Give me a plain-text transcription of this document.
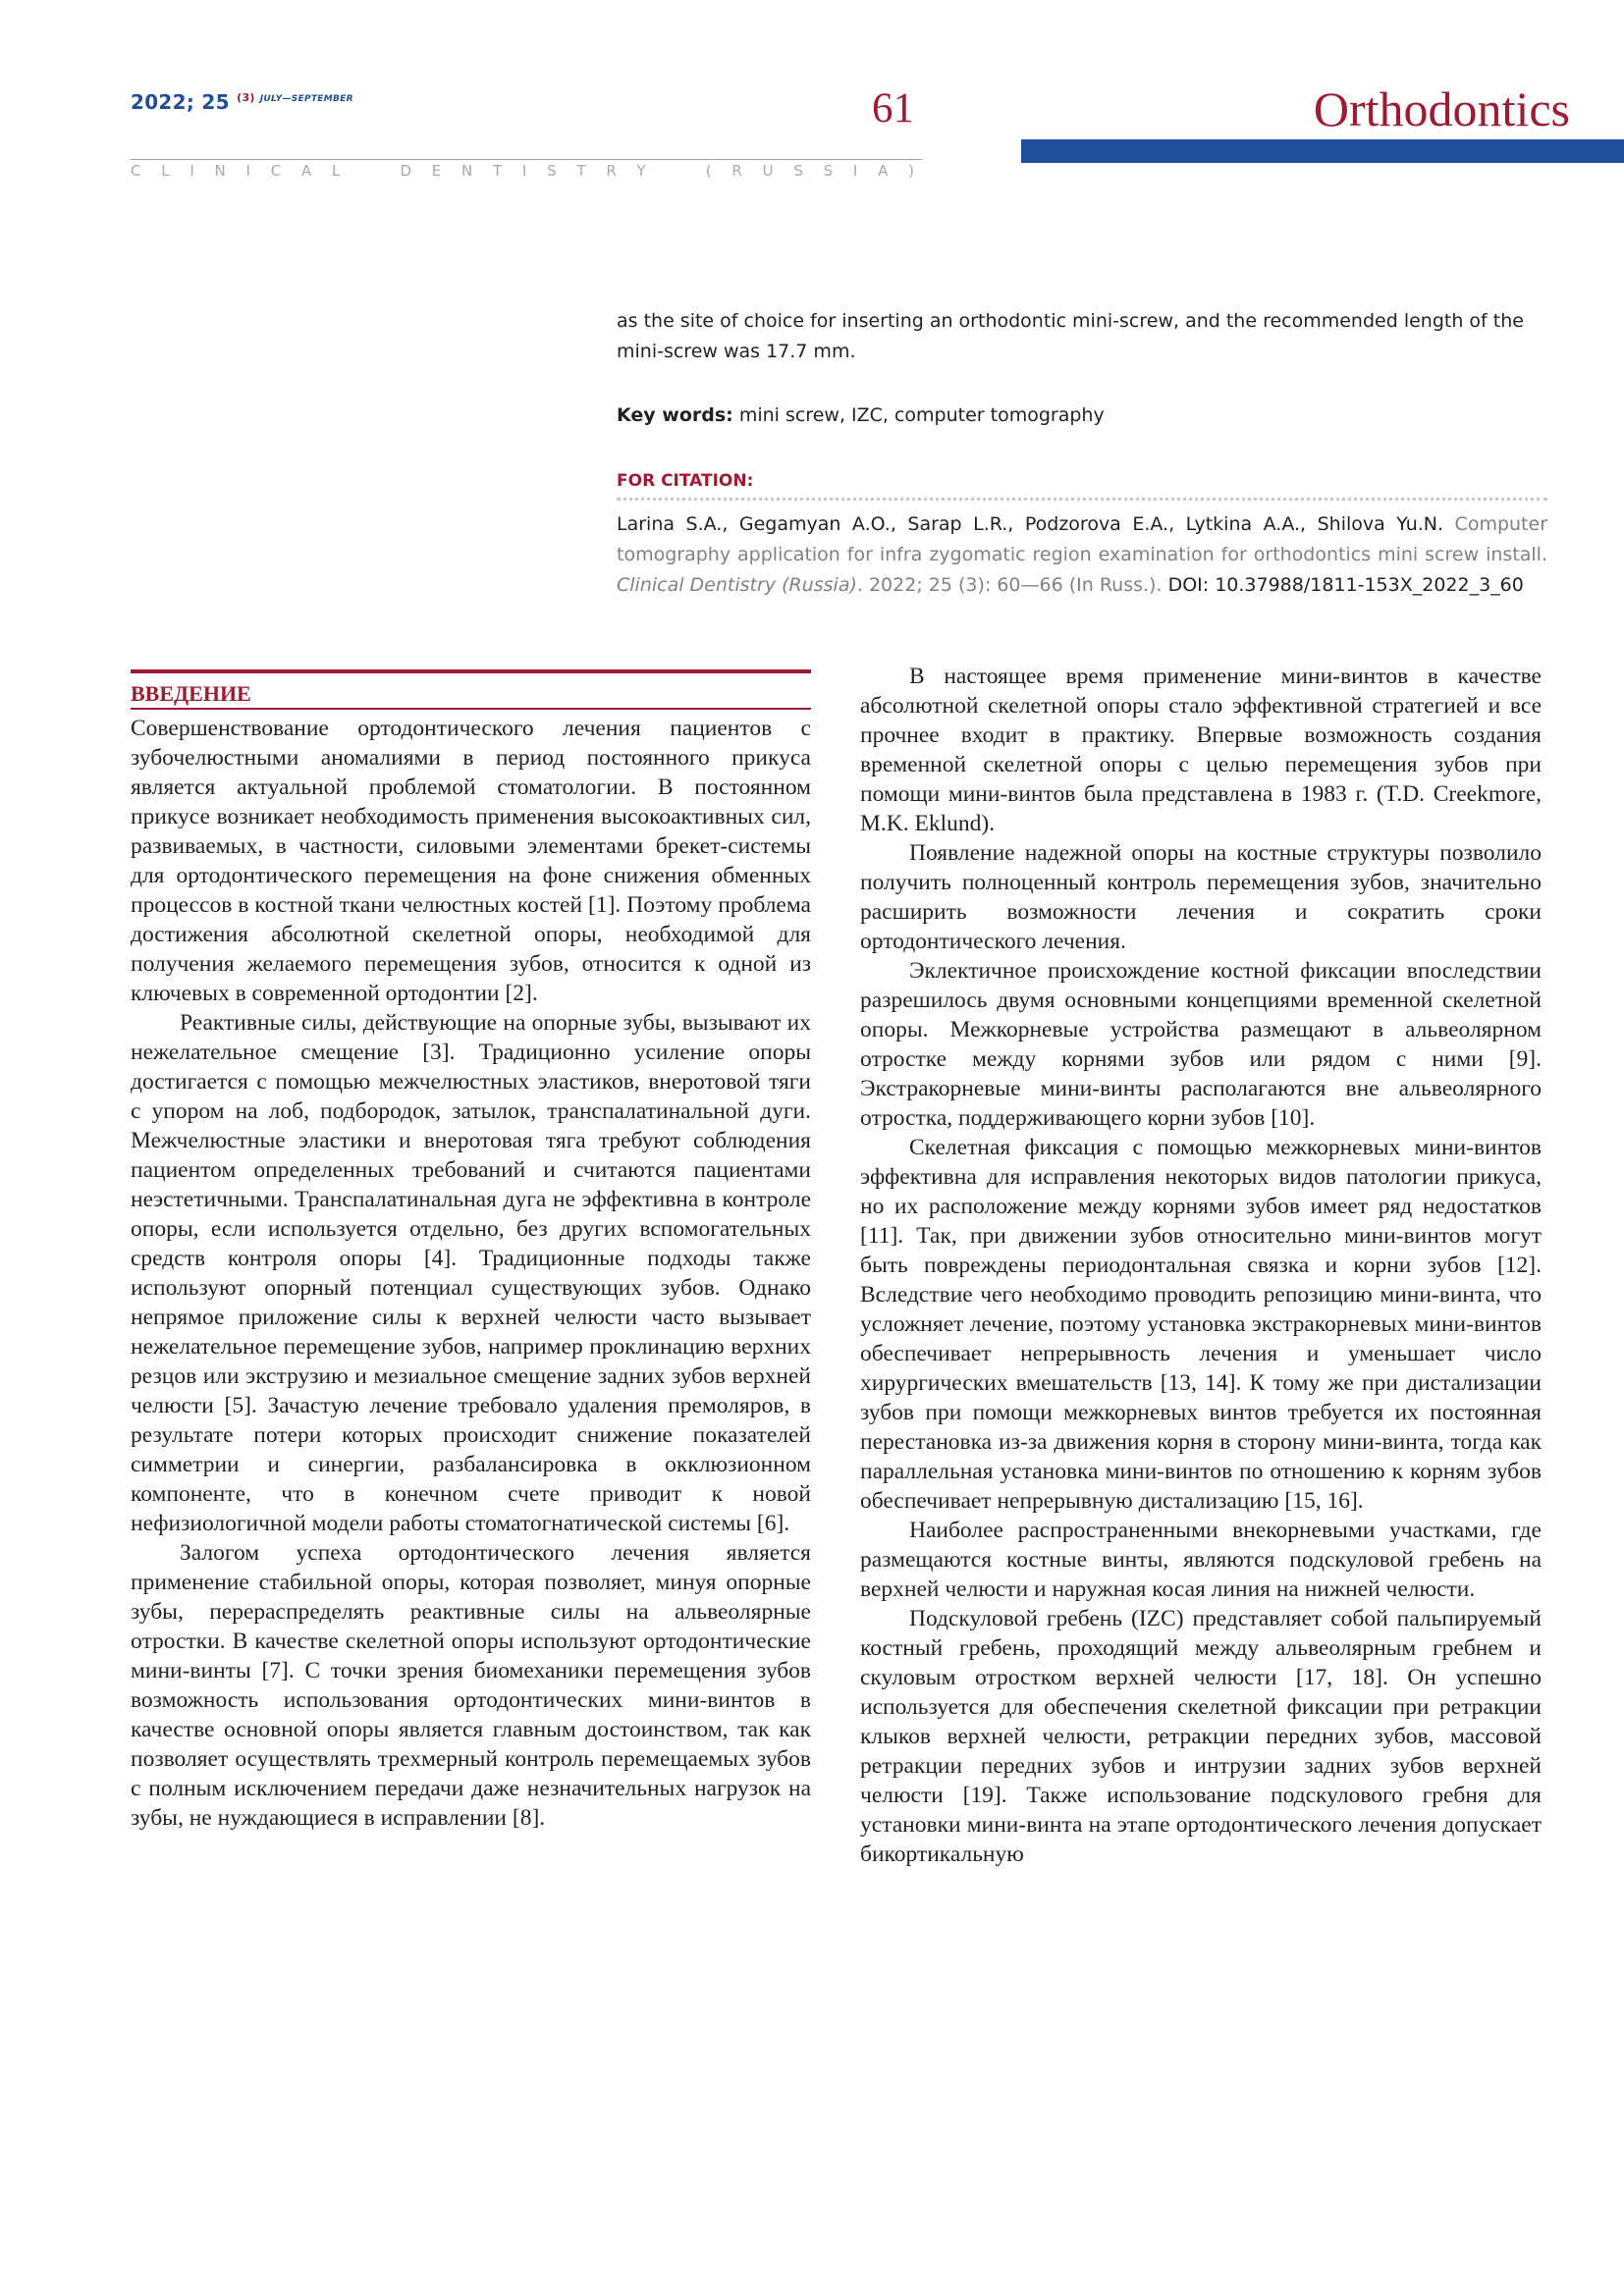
2022; 25 $^{(3)}$ $^{JULY—SEPTEMBER}$	61	Orthodontics
C L I N I C A L	D E N T I S T R Y	( R U S S I A )

as the site of choice for inserting an orthodontic mini-screw, and the recommended length of the mini-screw was 17.7 mm.

Key words: mini screw, IZC, computer tomography
FOR CITATION:
Larina S.A., Gegamyan A.O., Sarap L.R., Podzorova E.A., Lytkina A.A., Shilova Yu.N. Computer tomography application for infra zygomatic region examination for orthodontics mini screw install. Clinical Dentistry (Russia). 2022; 25 (3): 60—66 (In Russ.). DOI: 10.37988/1811-153X_2022_3_60
ВВЕДЕНИЕ

Совершенствование ортодонтического лечения пациентов с зубочелюстными аномалиями в период постоянного прикуса является актуальной проблемой стоматологии. В постоянном прикусе возникает необходимость применения высокоактивных сил, развиваемых, в частности, силовыми элементами брекет-системы для ортодонтического перемещения на фоне снижения обменных процессов в костной ткани челюстных костей [1]. Поэтому проблема достижения абсолютной скелетной опоры, необходимой для получения желаемого перемещения зубов, относится к одной из ключевых в современной ортодонтии [2].

Реактивные силы, действующие на опорные зубы, вызывают их нежелательное смещение [3]. Традиционно усиление опоры достигается с помощью межчелюстных эластиков, внеротовой тяги с упором на лоб, подбородок, затылок, транспалатинальной дуги. Межчелюстные эластики и внеротовая тяга требуют соблюдения пациентом определенных требований и считаются пациентами неэстетичными. Транспалатинальная дуга не эффективна в контроле опоры, если используется отдельно, без других вспомогательных средств контроля опоры [4]. Традиционные подходы также используют опорный потенциал существующих зубов. Однако непрямое приложение силы к верхней челюсти часто вызывает нежелательное перемещение зубов, например проклинацию верхних резцов или экструзию и мезиальное смещение задних зубов верхней челюсти [5]. Зачастую лечение требовало удаления премоляров, в результате потери которых происходит снижение показателей симметрии и синергии, разбалансировка в окклюзионном компоненте, что в конечном счете приводит к новой нефизиологичной модели работы стоматогнатической системы [6].

Залогом успеха ортодонтического лечения является применение стабильной опоры, которая позволяет, минуя опорные зубы, перераспределять реактивные силы на альвеолярные отростки. В качестве скелетной опоры используют ортодонтические мини-винты [7]. С точки зрения биомеханики перемещения зубов возможность использования ортодонтических мини-винтов в качестве основной опоры является главным достоинством, так как позволяет осуществлять трехмерный контроль перемещаемых зубов с полным исключением передачи даже незначительных нагрузок на зубы, не нуждающиеся в исправлении [8].

В настоящее время применение мини-винтов в качестве абсолютной скелетной опоры стало эффективной стратегией и все прочнее входит в практику. Впервые возможность создания временной скелетной опоры с целью перемещения зубов при помощи мини-винтов была представлена в 1983 г. (T.D. Creekmore, M.K. Eklund).

Появление надежной опоры на костные структуры позволило получить полноценный контроль перемещения зубов, значительно расширить возможности лечения и сократить сроки ортодонтического лечения.

Эклектичное происхождение костной фиксации впоследствии разрешилось двумя основными концепциями временной скелетной опоры. Межкорневые устройства размещают в альвеолярном отростке между корнями зубов или рядом с ними [9]. Экстракорневые мини-винты располагаются вне альвеолярного отростка, поддерживающего корни зубов [10].

Скелетная фиксация с помощью межкорневых мини-винтов эффективна для исправления некоторых видов патологии прикуса, но их расположение между корнями зубов имеет ряд недостатков [11]. Так, при движении зубов относительно мини-винтов могут быть повреждены периодонтальная связка и корни зубов [12]. Вследствие чего необходимо проводить репозицию мини-винта, что усложняет лечение, поэтому установка экстракорневых мини-винтов обеспечивает непрерывность лечения и уменьшает число хирургических вмешательств [13, 14]. К тому же при дистализации зубов при помощи межкорневых винтов требуется их постоянная перестановка из-за движения корня в сторону мини-винта, тогда как параллельная установка мини-винтов по отношению к корням зубов обеспечивает непрерывную дистализацию [15, 16].

Наиболее распространенными внекорневыми участками, где размещаются костные винты, являются подскуловой гребень на верхней челюсти и наружная косая линия на нижней челюсти.

Подскуловой гребень (IZC) представляет собой пальпируемый костный гребень, проходящий между альвеолярным гребнем и скуловым отростком верхней челюсти [17, 18]. Он успешно используется для обеспечения скелетной фиксации при ретракции клыков верхней челюсти, ретракции передних зубов, массовой ретракции передних зубов и интрузии задних зубов верхней челюсти [19]. Также использование подскулового гребня для установки мини-винта на этапе ортодонтического лечения допускает бикортикальную
